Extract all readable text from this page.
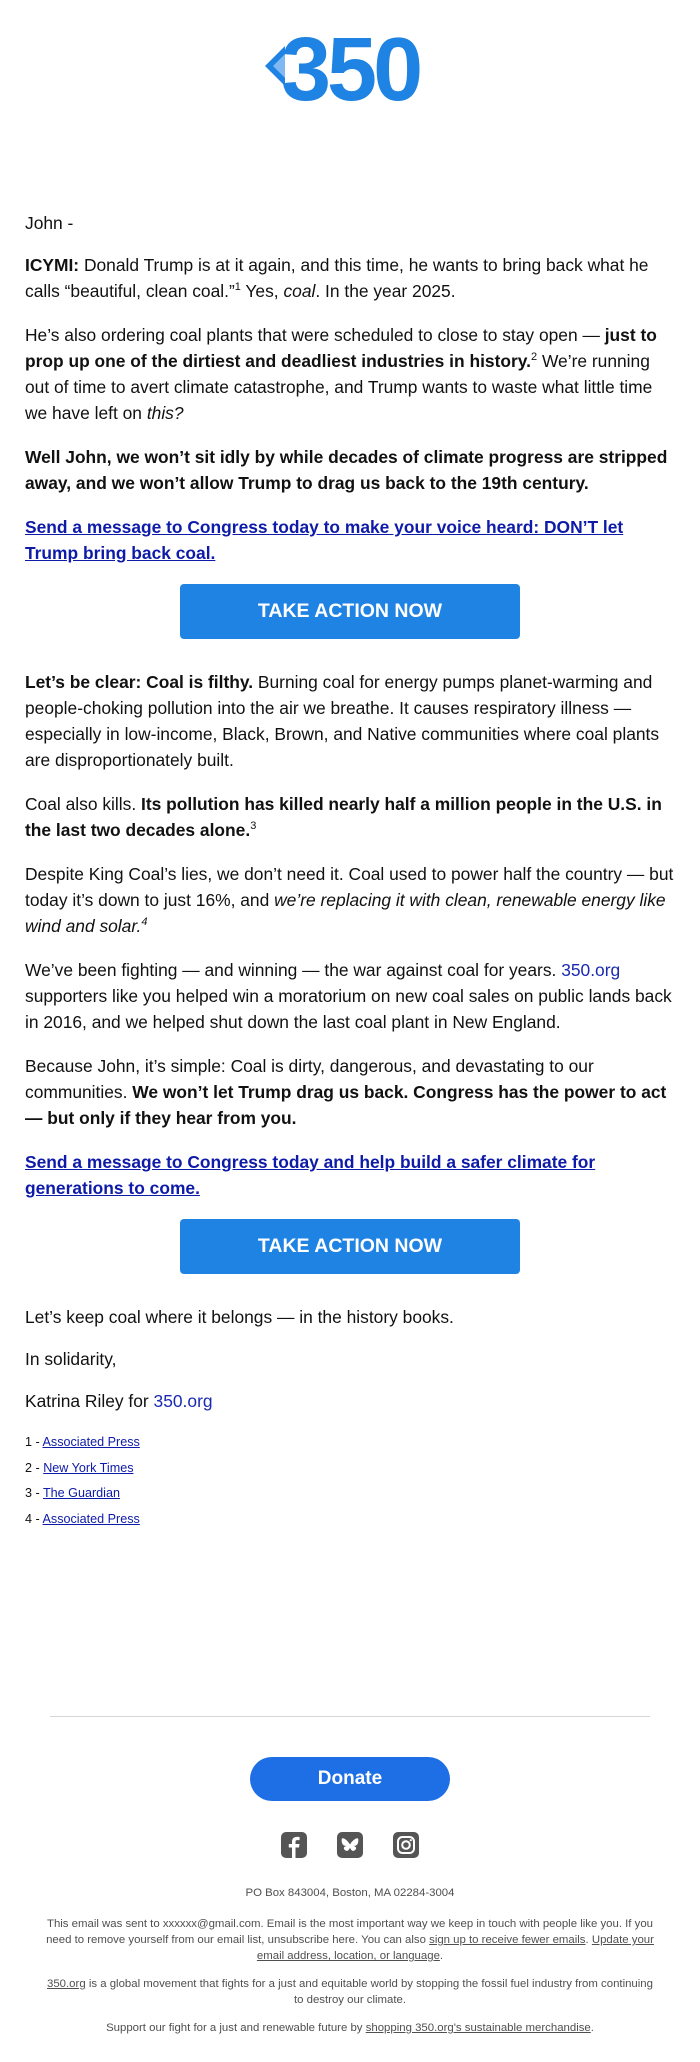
350

John -

ICYMI: Donald Trump is at it again, and this time, he wants to bring back what he calls “beautiful, clean coal.”$^1$ Yes, coal. In the year 2025.

He’s also ordering coal plants that were scheduled to close to stay open — just to prop up one of the dirtiest and deadliest industries in history.$^2$ We’re running out of time to avert climate catastrophe, and Trump wants to waste what little time we have left on this?

Well John, we won’t sit idly by while decades of climate progress are stripped away, and we won’t allow Trump to drag us back to the 19th century.

Send a message to Congress today to make your voice heard: DON’T let Trump bring back coal.

TAKE ACTION NOW

Let’s be clear: Coal is filthy. Burning coal for energy pumps planet-warming and people-choking pollution into the air we breathe. It causes respiratory illness — especially in low-income, Black, Brown, and Native communities where coal plants are disproportionately built.

Coal also kills. Its pollution has killed nearly half a million people in the U.S. in the last two decades alone.$^3$

Despite King Coal’s lies, we don’t need it. Coal used to power half the country — but today it’s down to just 16%, and we’re replacing it with clean, renewable energy like wind and solar.$^4$

We’ve been fighting — and winning — the war against coal for years. 350.org supporters like you helped win a moratorium on new coal sales on public lands back in 2016, and we helped shut down the last coal plant in New England.

Because John, it’s simple: Coal is dirty, dangerous, and devastating to our communities. We won’t let Trump drag us back. Congress has the power to act — but only if they hear from you.

Send a message to Congress today and help build a safer climate for generations to come.

TAKE ACTION NOW

Let’s keep coal where it belongs — in the history books.

In solidarity,

Katrina Riley for 350.org

1 - Associated Press
2 - New York Times
3 - The Guardian
4 - Associated Press
Donate

PO Box 843004, Boston, MA 02284-3004

This email was sent to xxxxxx@gmail.com. Email is the most important way we keep in touch with people like you. If you need to remove yourself from our email list, unsubscribe here. You can also sign up to receive fewer emails. Update your email address, location, or language.

350.org is a global movement that fights for a just and equitable world by stopping the fossil fuel industry from continuing to destroy our climate.

Support our fight for a just and renewable future by shopping 350.org's sustainable merchandise.
